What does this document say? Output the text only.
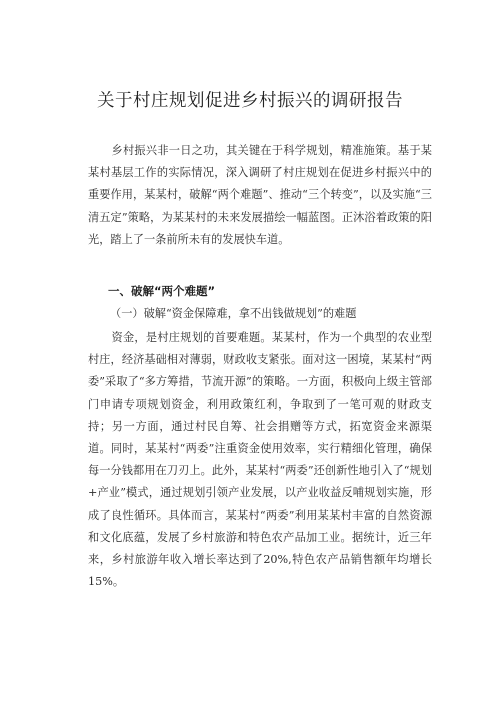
关于村庄规划促进乡村振兴的调研报告

乡村振兴非一日之功，其关键在于科学规划，精准施策。基于某某村基层工作的实际情况，深入调研了村庄规划在促进乡村振兴中的重要作用，某某村，破解“两个难题”、推动“三个转变”，以及实施“三清五定”策略，为某某村的未来发展描绘一幅蓝图。正沐浴着政策的阳光，踏上了一条前所未有的发展快车道。

一、破解“两个难题”
（一）破解“资金保障难，拿不出钱做规划”的难题

资金，是村庄规划的首要难题。某某村，作为一个典型的农业型村庄，经济基础相对薄弱，财政收支紧张。面对这一困境，某某村“两委”采取了“多方筹措，节流开源”的策略。一方面，积极向上级主管部门申请专项规划资金，利用政策红利，争取到了一笔可观的财政支持；另一方面，通过村民自筹、社会捐赠等方式，拓宽资金来源渠道。同时，某某村“两委”注重资金使用效率，实行精细化管理，确保每一分钱都用在刀刃上。此外，某某村“两委”还创新性地引入了“规划+产业”模式，通过规划引领产业发展，以产业收益反哺规划实施，形成了良性循环。具体而言，某某村“两委”利用某某村丰富的自然资源和文化底蕴，发展了乡村旅游和特色农产品加工业。据统计，近三年来，乡村旅游年收入增长率达到了20%,特色农产品销售额年均增长15%。
